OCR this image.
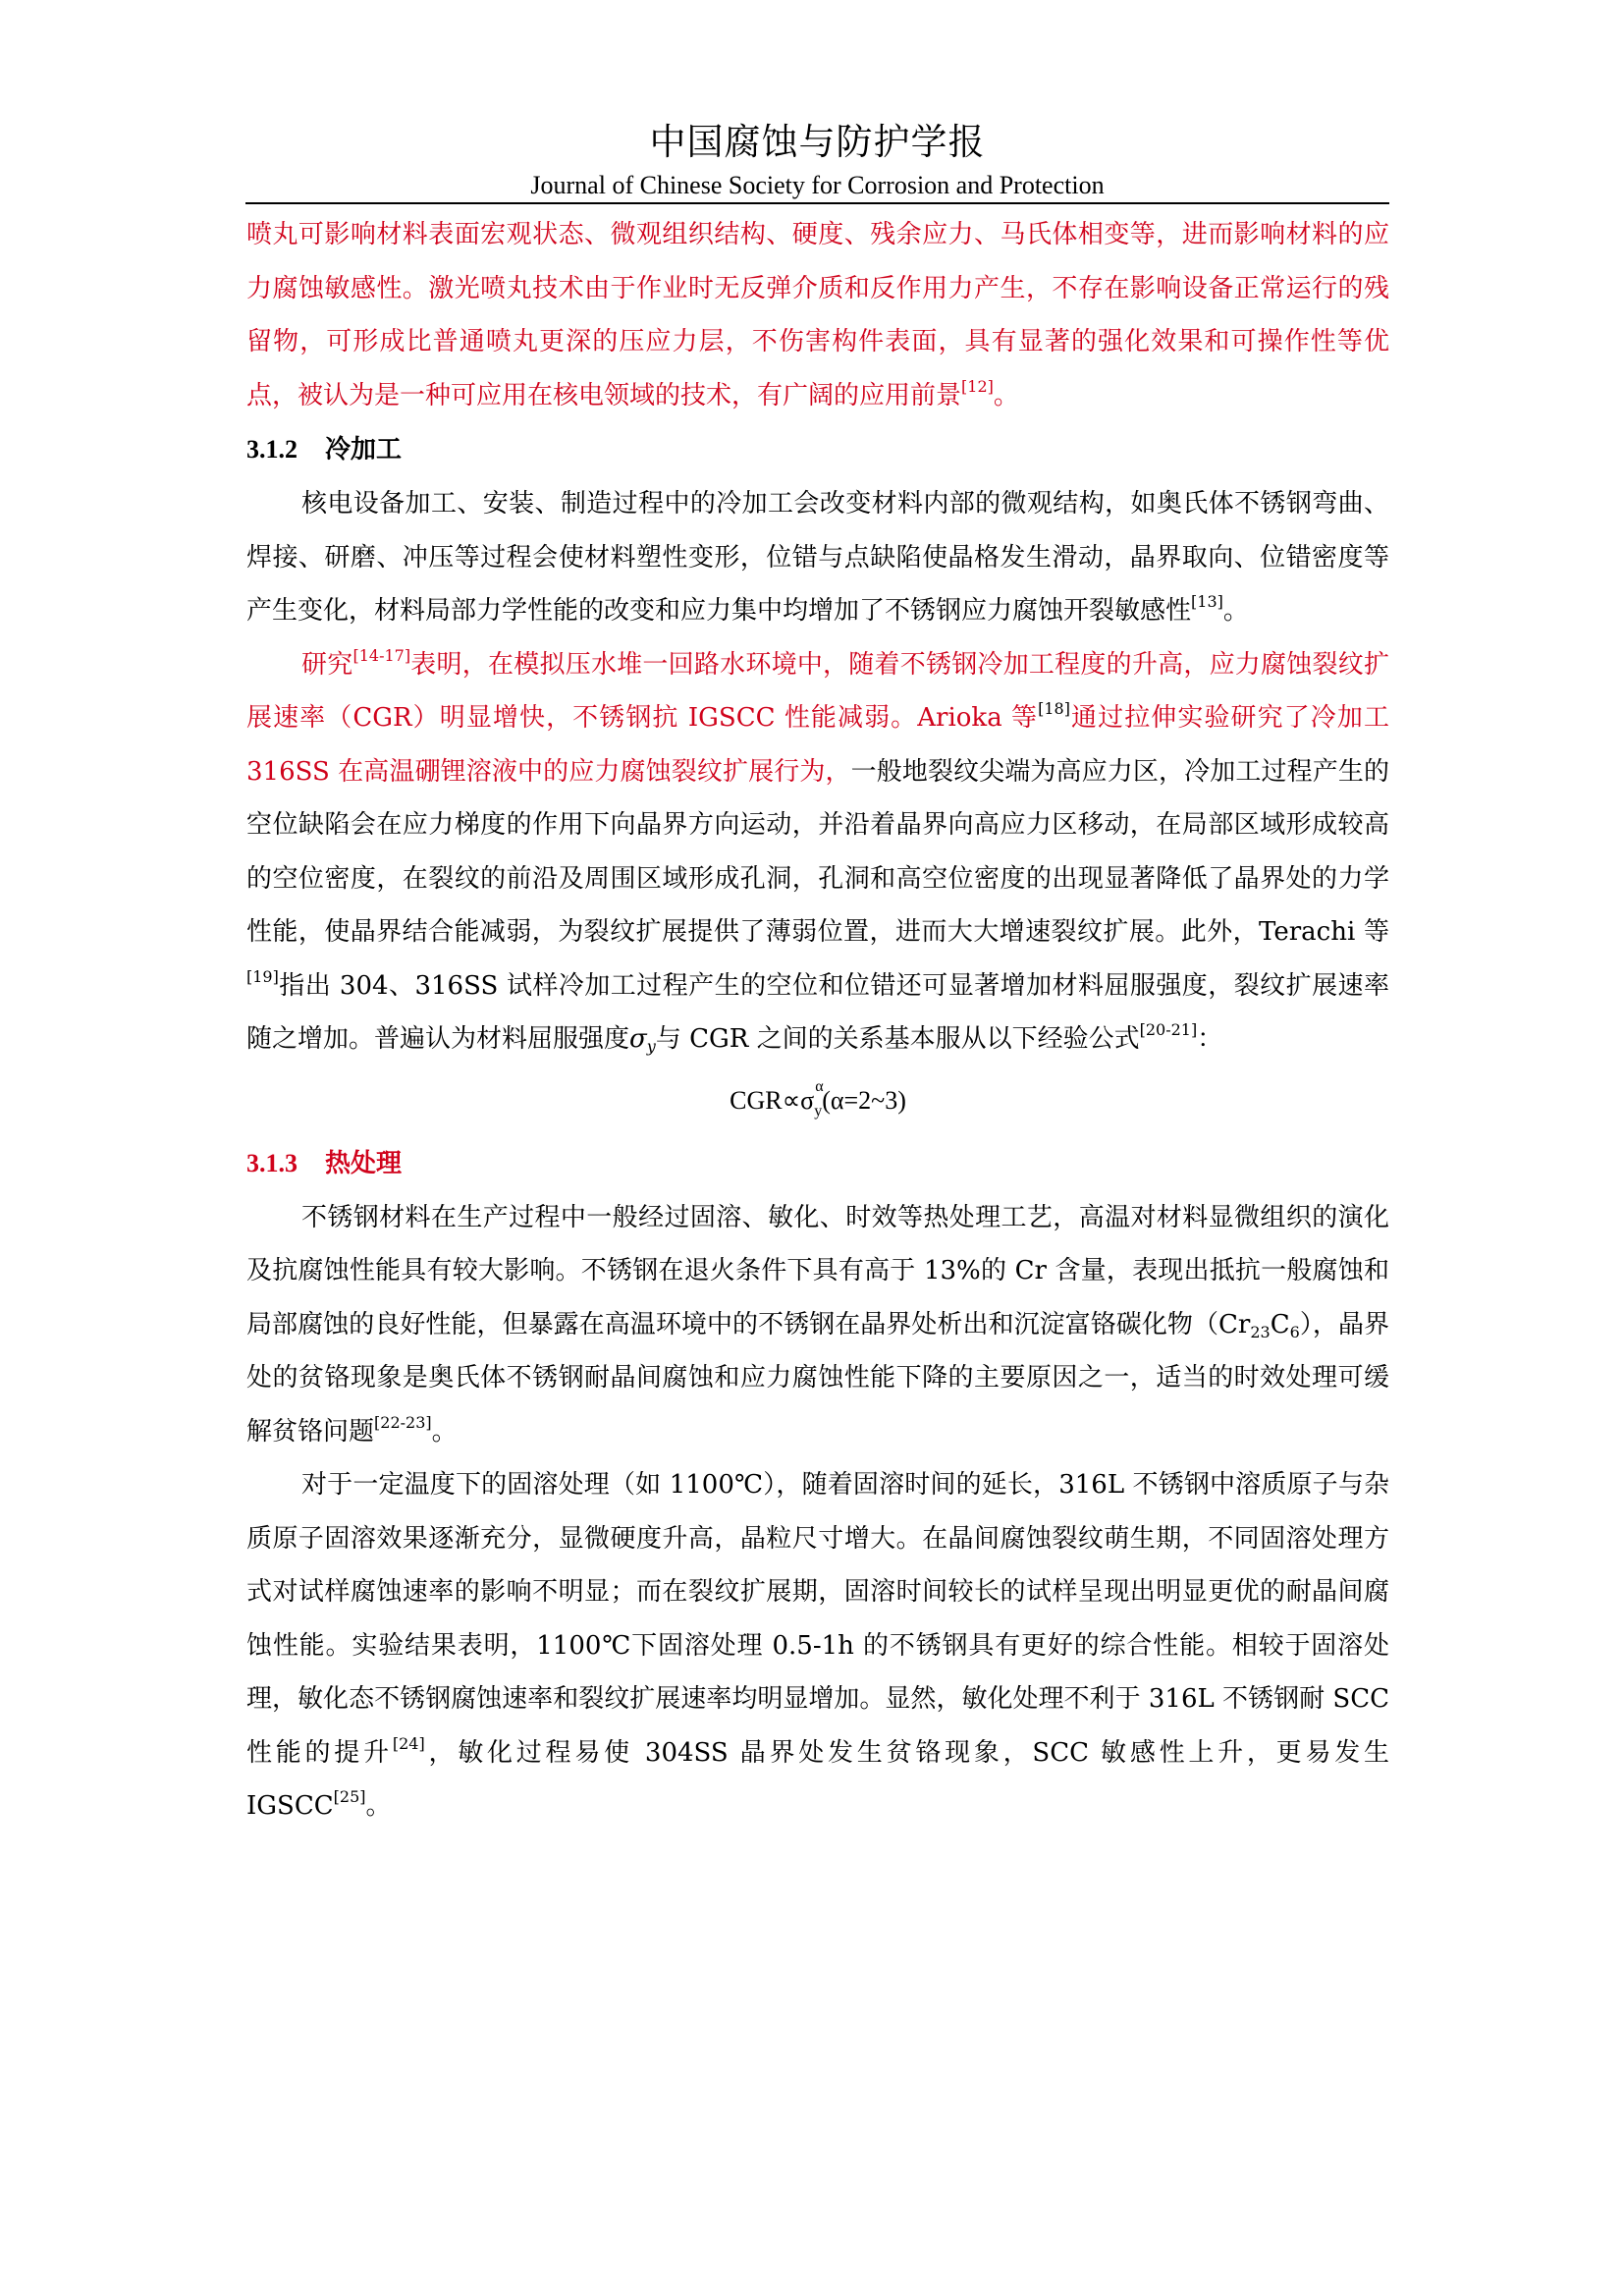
中国腐蚀与防护学报
Journal of Chinese Society for Corrosion and Protection

喷丸可影响材料表面宏观状态、微观组织结构、硬度、残余应力、马氏体相变等，进而影响材料的应力腐蚀敏感性。激光喷丸技术由于作业时无反弹介质和反作用力产生，不存在影响设备正常运行的残留物，可形成比普通喷丸更深的压应力层，不伤害构件表面，具有显著的强化效果和可操作性等优点，被认为是一种可应用在核电领域的技术，有广阔的应用前景[12]。

3.1.2 冷加工

核电设备加工、安装、制造过程中的冷加工会改变材料内部的微观结构，如奥氏体不锈钢弯曲、焊接、研磨、冲压等过程会使材料塑性变形，位错与点缺陷使晶格发生滑动，晶界取向、位错密度等产生变化，材料局部力学性能的改变和应力集中均增加了不锈钢应力腐蚀开裂敏感性[13]。

研究[14-17]表明，在模拟压水堆一回路水环境中，随着不锈钢冷加工程度的升高，应力腐蚀裂纹扩展速率（CGR）明显增快，不锈钢抗 IGSCC 性能减弱。Arioka 等[18]通过拉伸实验研究了冷加工 316SS 在高温硼锂溶液中的应力腐蚀裂纹扩展行为，一般地裂纹尖端为高应力区，冷加工过程产生的空位缺陷会在应力梯度的作用下向晶界方向运动，并沿着晶界向高应力区移动，在局部区域形成较高的空位密度，在裂纹的前沿及周围区域形成孔洞，孔洞和高空位密度的出现显著降低了晶界处的力学性能，使晶界结合能减弱，为裂纹扩展提供了薄弱位置，进而大大增速裂纹扩展。此外，Terachi 等[19]指出 304、316SS 试样冷加工过程产生的空位和位错还可显著增加材料屈服强度，裂纹扩展速率随之增加。普遍认为材料屈服强度$\sigma_y$与 CGR 之间的关系基本服从以下经验公式[20-21]：

CGR∝σ α
$_y$(α=2~3)
3.1.3 热处理

不锈钢材料在生产过程中一般经过固溶、敏化、时效等热处理工艺，高温对材料显微组织的演化及抗腐蚀性能具有较大影响。不锈钢在退火条件下具有高于 13%的 Cr 含量，表现出抵抗一般腐蚀和局部腐蚀的良好性能，但暴露在高温环境中的不锈钢在晶界处析出和沉淀富铬碳化物$(Cr_{23}C_6)$，晶界处的贫铬现象是奥氏体不锈钢耐晶间腐蚀和应力腐蚀性能下降的主要原因之一，适当的时效处理可缓解贫铬问题[22-23]。

对于一定温度下的固溶处理（如 1100℃），随着固溶时间的延长，316L 不锈钢中溶质原子与杂质原子固溶效果逐渐充分，显微硬度升高，晶粒尺寸增大。在晶间腐蚀裂纹萌生期，不同固溶处理方式对试样腐蚀速率的影响不明显；而在裂纹扩展期，固溶时间较长的试样呈现出明显更优的耐晶间腐蚀性能。实验结果表明，1100℃下固溶处理 0.5-1h 的不锈钢具有更好的综合性能。相较于固溶处理，敏化态不锈钢腐蚀速率和裂纹扩展速率均明显增加。显然，敏化处理不利于 316L 不锈钢耐 SCC 性能的提升[24]，敏化过程易使 304SS 晶界处发生贫铬现象，SCC 敏感性上升，更易发生 IGSCC[25]。
